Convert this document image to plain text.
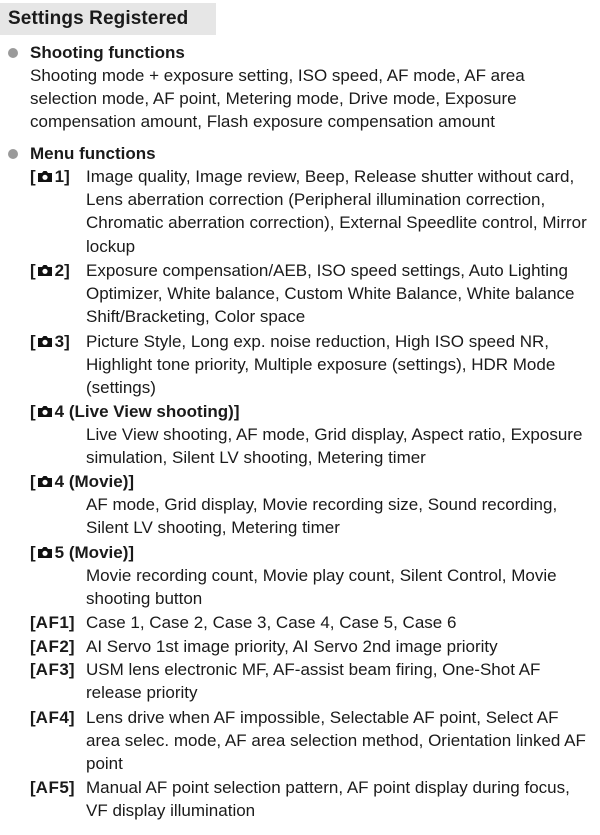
Settings Registered
Shooting functions
Shooting mode + exposure setting, ISO speed, AF mode, AF area selection mode, AF point, Metering mode, Drive mode, Exposure compensation amount, Flash exposure compensation amount
Menu functions
[ 1] Image quality, Image review, Beep, Release shutter without card, Lens aberration correction (Peripheral illumination correction, Chromatic aberration correction), External Speedlite control, Mirror lockup
[ 2] Exposure compensation/AEB, ISO speed settings, Auto Lighting Optimizer, White balance, Custom White Balance, White balance Shift/Bracketing, Color space
[ 3] Picture Style, Long exp. noise reduction, High ISO speed NR, Highlight tone priority, Multiple exposure (settings), HDR Mode (settings)
[ 4 (Live View shooting)]
Live View shooting, AF mode, Grid display, Aspect ratio, Exposure simulation, Silent LV shooting, Metering timer
[ 4 (Movie)]
AF mode, Grid display, Movie recording size, Sound recording, Silent LV shooting, Metering timer
[ 5 (Movie)]
Movie recording count, Movie play count, Silent Control, Movie shooting button
[AF1] Case 1, Case 2, Case 3, Case 4, Case 5, Case 6
[AF2] AI Servo 1st image priority, AI Servo 2nd image priority
[AF3] USM lens electronic MF, AF-assist beam firing, One-Shot AF release priority
[AF4] Lens drive when AF impossible, Selectable AF point, Select AF area selec. mode, AF area selection method, Orientation linked AF point
[AF5] Manual AF point selection pattern, AF point display during focus, VF display illumination
